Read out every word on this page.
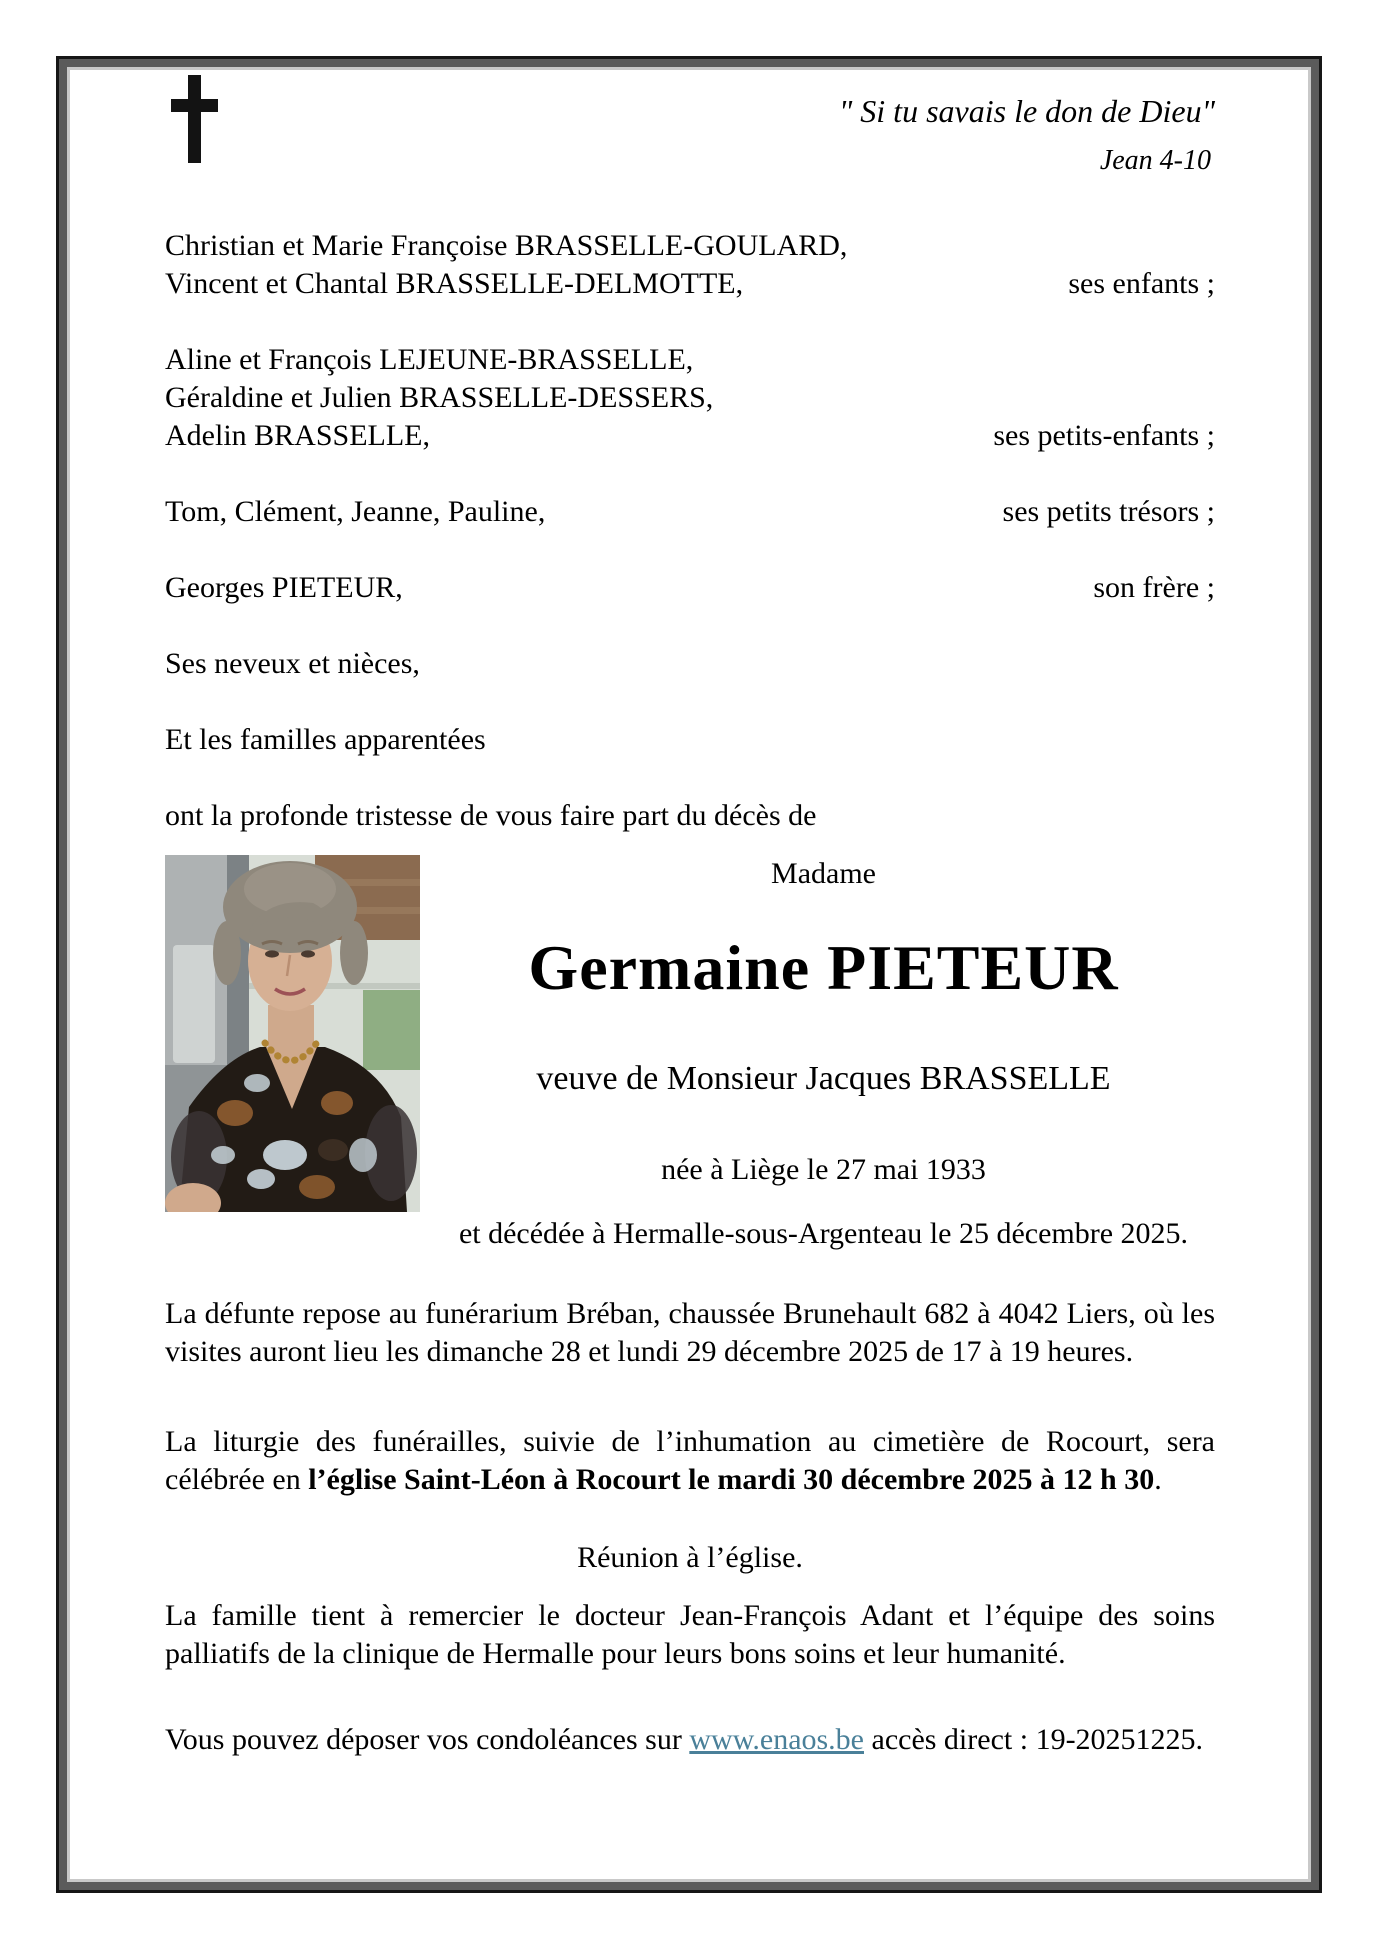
" Si tu savais le don de Dieu"
Jean 4-10
Christian et Marie Françoise BRASSELLE-GOULARD,
Vincent et Chantal BRASSELLE-DELMOTTE,	ses enfants ;
Aline et François LEJEUNE-BRASSELLE,
Géraldine et Julien BRASSELLE-DESSERS,
Adelin BRASSELLE,	ses petits-enfants ;
Tom, Clément, Jeanne, Pauline,	ses petits trésors ;
Georges PIETEUR,	son frère ;
Ses neveux et nièces,
Et les familles apparentées
ont la profonde tristesse de vous faire part du décès de
Madame
Germaine PIETEUR
veuve de Monsieur Jacques BRASSELLE
née à Liège le 27 mai 1933
et décédée à Hermalle-sous-Argenteau le 25 décembre 2025.

La défunte repose au funérarium Bréban, chaussée Brunehault 682 à 4042 Liers, où les visites auront lieu les dimanche 28 et lundi 29 décembre 2025 de 17 à 19 heures.

La liturgie des funérailles, suivie de l’inhumation au cimetière de Rocourt, sera célébrée en l’église Saint-Léon à Rocourt le mardi 30 décembre 2025 à 12 h 30.

Réunion à l’église.

La famille tient à remercier le docteur Jean-François Adant et l’équipe des soins palliatifs de la clinique de Hermalle pour leurs bons soins et leur humanité.

Vous pouvez déposer vos condoléances sur www.enaos.be accès direct : 19-20251225.
